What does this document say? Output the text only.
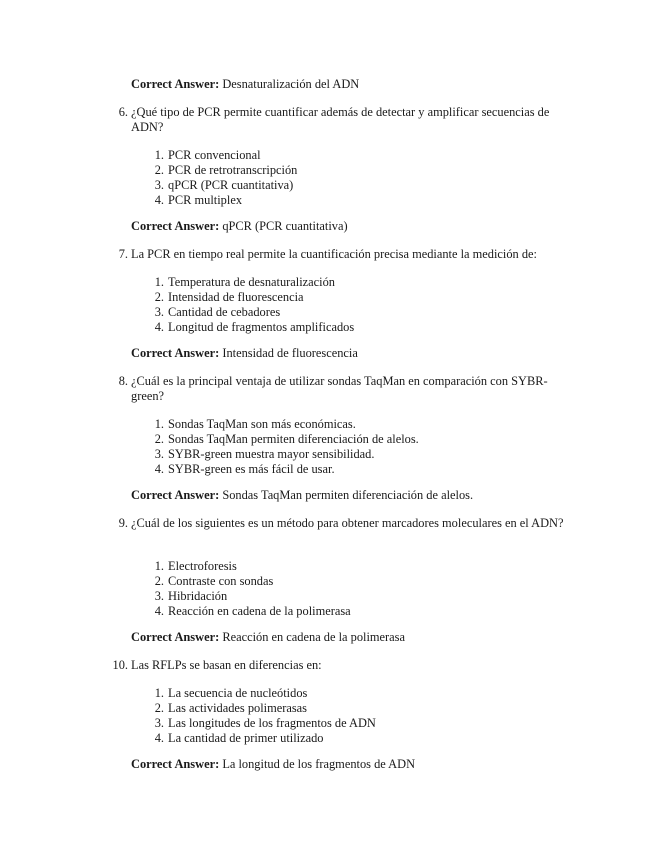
Correct Answer: Desnaturalización del ADN

6. ¿Qué tipo de PCR permite cuantificar además de detectar y amplificar secuencias de ADN?

1. PCR convencional
2. PCR de retrotranscripción
3. qPCR (PCR cuantitativa)
4. PCR multiplex

Correct Answer: qPCR (PCR cuantitativa)

7. La PCR en tiempo real permite la cuantificación precisa mediante la medición de:

1. Temperatura de desnaturalización
2. Intensidad de fluorescencia
3. Cantidad de cebadores
4. Longitud de fragmentos amplificados

Correct Answer: Intensidad de fluorescencia

8. ¿Cuál es la principal ventaja de utilizar sondas TaqMan en comparación con SYBR-green?

1. Sondas TaqMan son más económicas.
2. Sondas TaqMan permiten diferenciación de alelos.
3. SYBR-green muestra mayor sensibilidad.
4. SYBR-green es más fácil de usar.

Correct Answer: Sondas TaqMan permiten diferenciación de alelos.

9. ¿Cuál de los siguientes es un método para obtener marcadores moleculares en el ADN?

1. Electroforesis
2. Contraste con sondas
3. Hibridación
4. Reacción en cadena de la polimerasa

Correct Answer: Reacción en cadena de la polimerasa

10. Las RFLPs se basan en diferencias en:

1. La secuencia de nucleótidos
2. Las actividades polimerasas
3. Las longitudes de los fragmentos de ADN
4. La cantidad de primer utilizado

Correct Answer: La longitud de los fragmentos de ADN
